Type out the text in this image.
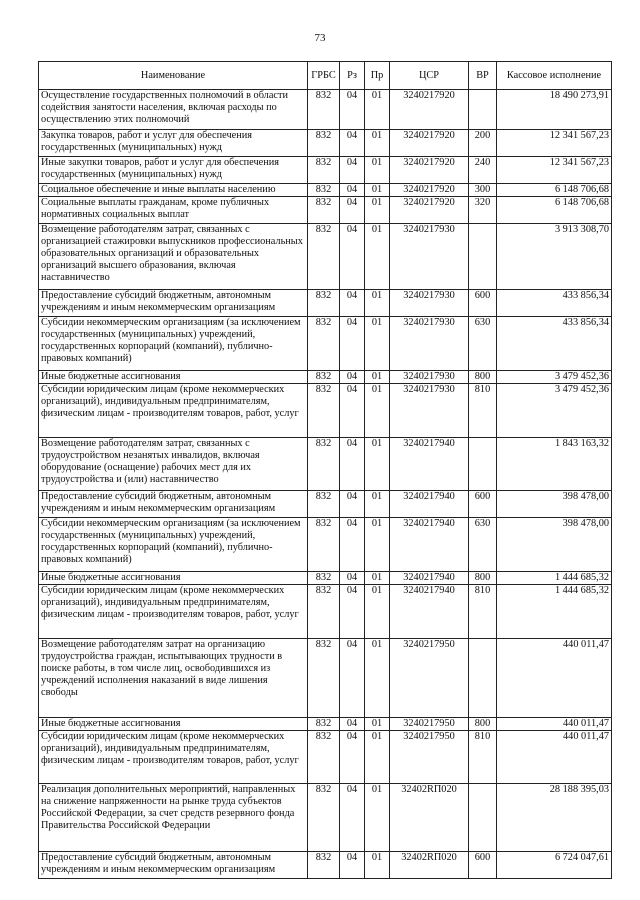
73
Наименование	ГРБС	Рз	Пр	ЦСР	ВР	Кассовое исполнение
Осуществление государственных полномочий в области содействия занятости населения, включая расходы по осуществлению этих полномочий	832	04	01	3240217920		18 490 273,91
Закупка товаров, работ и услуг для обеспечения государственных (муниципальных) нужд	832	04	01	3240217920	200	12 341 567,23
Иные закупки товаров, работ и услуг для обеспечения государственных (муниципальных) нужд	832	04	01	3240217920	240	12 341 567,23
Социальное обеспечение и иные выплаты населению	832	04	01	3240217920	300	6 148 706,68
Социальные выплаты гражданам, кроме публичных нормативных социальных выплат	832	04	01	3240217920	320	6 148 706,68
Возмещение работодателям затрат, связанных с организацией стажировки выпускников профессиональных образовательных организаций и образовательных организаций высшего образования, включая наставничество	832	04	01	3240217930		3 913 308,70
Предоставление субсидий бюджетным, автономным учреждениям и иным некоммерческим организациям	832	04	01	3240217930	600	433 856,34
Субсидии некоммерческим организациям (за исключением государственных (муниципальных) учреждений, государственных корпораций (компаний), публично-правовых компаний)	832	04	01	3240217930	630	433 856,34
Иные бюджетные ассигнования	832	04	01	3240217930	800	3 479 452,36
Субсидии юридическим лицам (кроме некоммерческих организаций), индивидуальным предпринимателям, физическим лицам - производителям товаров, работ, услуг	832	04	01	3240217930	810	3 479 452,36
Возмещение работодателям затрат, связанных с трудоустройством незанятых инвалидов, включая оборудование (оснащение) рабочих мест для их трудоустройства и (или) наставничество	832	04	01	3240217940		1 843 163,32
Предоставление субсидий бюджетным, автономным учреждениям и иным некоммерческим организациям	832	04	01	3240217940	600	398 478,00
Субсидии некоммерческим организациям (за исключением государственных (муниципальных) учреждений, государственных корпораций (компаний), публично-правовых компаний)	832	04	01	3240217940	630	398 478,00
Иные бюджетные ассигнования	832	04	01	3240217940	800	1 444 685,32
Субсидии юридическим лицам (кроме некоммерческих организаций), индивидуальным предпринимателям, физическим лицам - производителям товаров, работ, услуг	832	04	01	3240217940	810	1 444 685,32
Возмещение работодателям затрат на организацию трудоустройства граждан, испытывающих трудности в поиске работы, в том числе лиц, освободившихся из учреждений исполнения наказаний в виде лишения свободы	832	04	01	3240217950		440 011,47
Иные бюджетные ассигнования	832	04	01	3240217950	800	440 011,47
Субсидии юридическим лицам (кроме некоммерческих организаций), индивидуальным предпринимателям, физическим лицам - производителям товаров, работ, услуг	832	04	01	3240217950	810	440 011,47
Реализация дополнительных мероприятий, направленных на снижение напряженности на рынке труда субъектов Российской Федерации, за счет средств резервного фонда Правительства Российской Федерации	832	04	01	32402RП020		28 188 395,03
Предоставление субсидий бюджетным, автономным учреждениям и иным некоммерческим организациям	832	04	01	32402RП020	600	6 724 047,61
